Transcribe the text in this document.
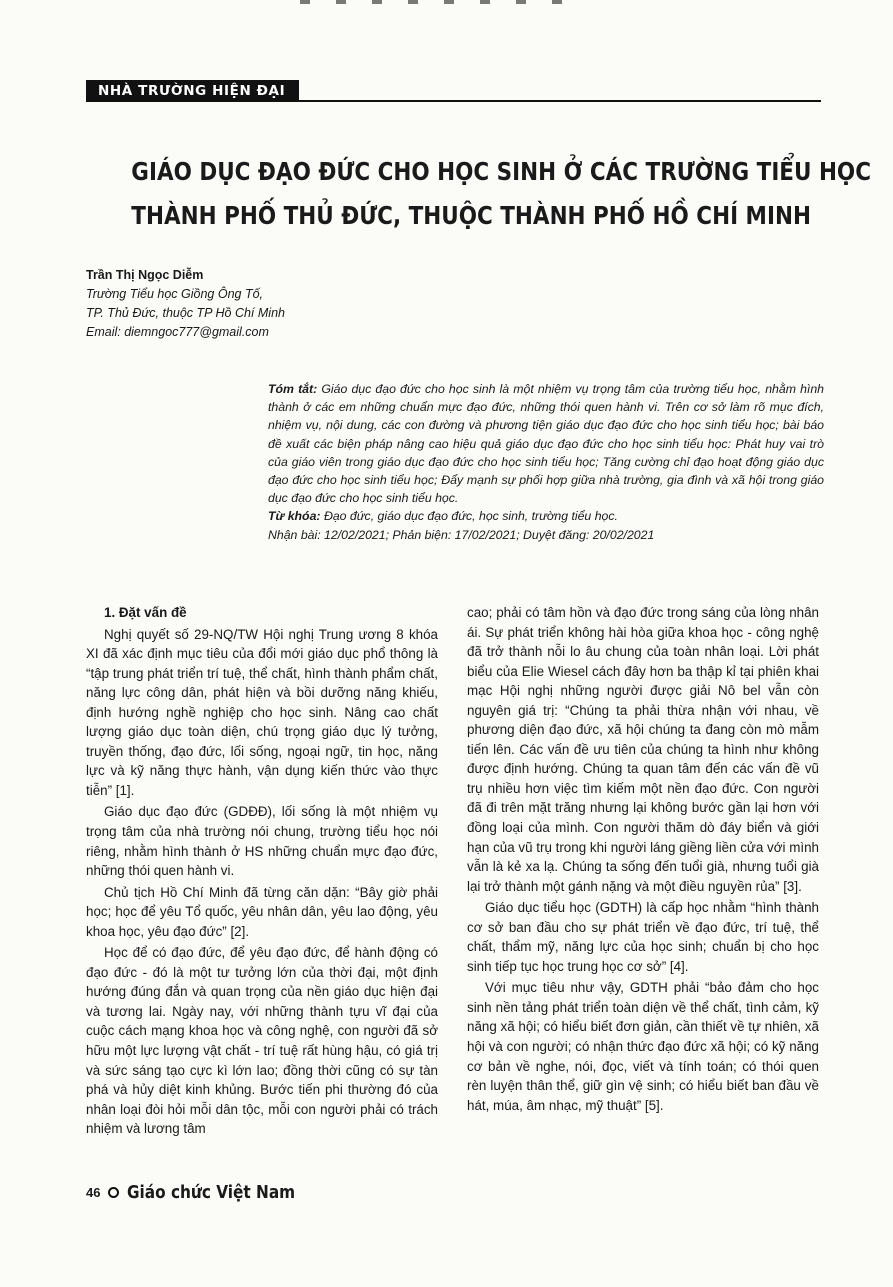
NHÀ TRƯỜNG HIỆN ĐẠI
GIÁO DỤC ĐẠO ĐỨC CHO HỌC SINH Ở CÁC TRƯỜNG TIỂU HỌC
THÀNH PHỐ THỦ ĐỨC, THUỘC THÀNH PHỐ HỒ CHÍ MINH
Trần Thị Ngọc Diễm
Trường Tiểu học Giồng Ông Tố,
TP. Thủ Đức, thuộc TP Hồ Chí Minh
Email: diemngoc777@gmail.com

Tóm tắt: Giáo dục đạo đức cho học sinh là một nhiệm vụ trọng tâm của trường tiểu học, nhằm hình thành ở các em những chuẩn mực đạo đức, những thói quen hành vi. Trên cơ sở làm rõ mục đích, nhiệm vụ, nội dung, các con đường và phương tiện giáo dục đạo đức cho học sinh tiểu học; bài báo đề xuất các biện pháp nâng cao hiệu quả giáo dục đạo đức cho học sinh tiểu học: Phát huy vai trò của giáo viên trong giáo dục đạo đức cho học sinh tiểu học; Tăng cường chỉ đạo hoạt động giáo dục đạo đức cho học sinh tiểu học; Đẩy mạnh sự phối hợp giữa nhà trường, gia đình và xã hội trong giáo dục đạo đức cho học sinh tiểu học.

Từ khóa: Đạo đức, giáo dục đạo đức, học sinh, trường tiểu học.

Nhận bài: 12/02/2021; Phản biện: 17/02/2021; Duyệt đăng: 20/02/2021

1. Đặt vấn đề

Nghị quyết số 29-NQ/TW Hội nghị Trung ương 8 khóa XI đã xác định mục tiêu của đổi mới giáo dục phổ thông là “tập trung phát triển trí tuệ, thể chất, hình thành phẩm chất, năng lực công dân, phát hiện và bồi dưỡng năng khiếu, định hướng nghề nghiệp cho học sinh. Nâng cao chất lượng giáo dục toàn diện, chú trọng giáo dục lý tưởng, truyền thống, đạo đức, lối sống, ngoại ngữ, tin học, năng lực và kỹ năng thực hành, vận dụng kiến thức vào thực tiễn” [1].

Giáo dục đạo đức (GDĐĐ), lối sống là một nhiệm vụ trọng tâm của nhà trường nói chung, trường tiểu học nói riêng, nhằm hình thành ở HS những chuẩn mực đạo đức, những thói quen hành vi.

Chủ tịch Hồ Chí Minh đã từng căn dặn: “Bây giờ phải học; học để yêu Tổ quốc, yêu nhân dân, yêu lao động, yêu khoa học, yêu đạo đức” [2].

Học để có đạo đức, để yêu đạo đức, để hành động có đạo đức - đó là một tư tưởng lớn của thời đại, một định hướng đúng đắn và quan trọng của nền giáo dục hiện đại và tương lai. Ngày nay, với những thành tựu vĩ đại của cuộc cách mạng khoa học và công nghệ, con người đã sở hữu một lực lượng vật chất - trí tuệ rất hùng hậu, có giá trị và sức sáng tạo cực kì lớn lao; đồng thời cũng có sự tàn phá và hủy diệt kinh khủng. Bước tiến phi thường đó của nhân loại đòi hỏi mỗi dân tộc, mỗi con người phải có trách nhiệm và lương tâm

cao; phải có tâm hồn và đạo đức trong sáng của lòng nhân ái. Sự phát triển không hài hòa giữa khoa học - công nghệ đã trở thành nỗi lo âu chung của toàn nhân loại. Lời phát biểu của Elie Wiesel cách đây hơn ba thập kỉ tại phiên khai mạc Hội nghị những người được giải Nô bel vẫn còn nguyên giá trị: “Chúng ta phải thừa nhận với nhau, về phương diện đạo đức, xã hội chúng ta đang còn mò mẫm tiến lên. Các vấn đề ưu tiên của chúng ta hình như không được định hướng. Chúng ta quan tâm đến các vấn đề vũ trụ nhiều hơn việc tìm kiếm một nền đạo đức. Con người đã đi trên mặt trăng nhưng lại không bước gần lại hơn với đồng loại của mình. Con người thăm dò đáy biển và giới hạn của vũ trụ trong khi người láng giềng liền cửa với mình vẫn là kẻ xa lạ. Chúng ta sống đến tuổi già, nhưng tuổi già lại trở thành một gánh nặng và một điều nguyền rủa” [3].

Giáo dục tiểu học (GDTH) là cấp học nhằm “hình thành cơ sở ban đầu cho sự phát triển về đạo đức, trí tuệ, thể chất, thẩm mỹ, năng lực của học sinh; chuẩn bị cho học sinh tiếp tục học trung học cơ sở” [4].

Với mục tiêu như vậy, GDTH phải “bảo đảm cho học sinh nền tảng phát triển toàn diện về thể chất, tình cảm, kỹ năng xã hội; có hiểu biết đơn giản, cần thiết về tự nhiên, xã hội và con người; có nhận thức đạo đức xã hội; có kỹ năng cơ bản về nghe, nói, đọc, viết và tính toán; có thói quen rèn luyện thân thể, giữ gìn vệ sinh; có hiểu biết ban đầu về hát, múa, âm nhạc, mỹ thuật” [5].

46 Giáo chức Việt Nam
